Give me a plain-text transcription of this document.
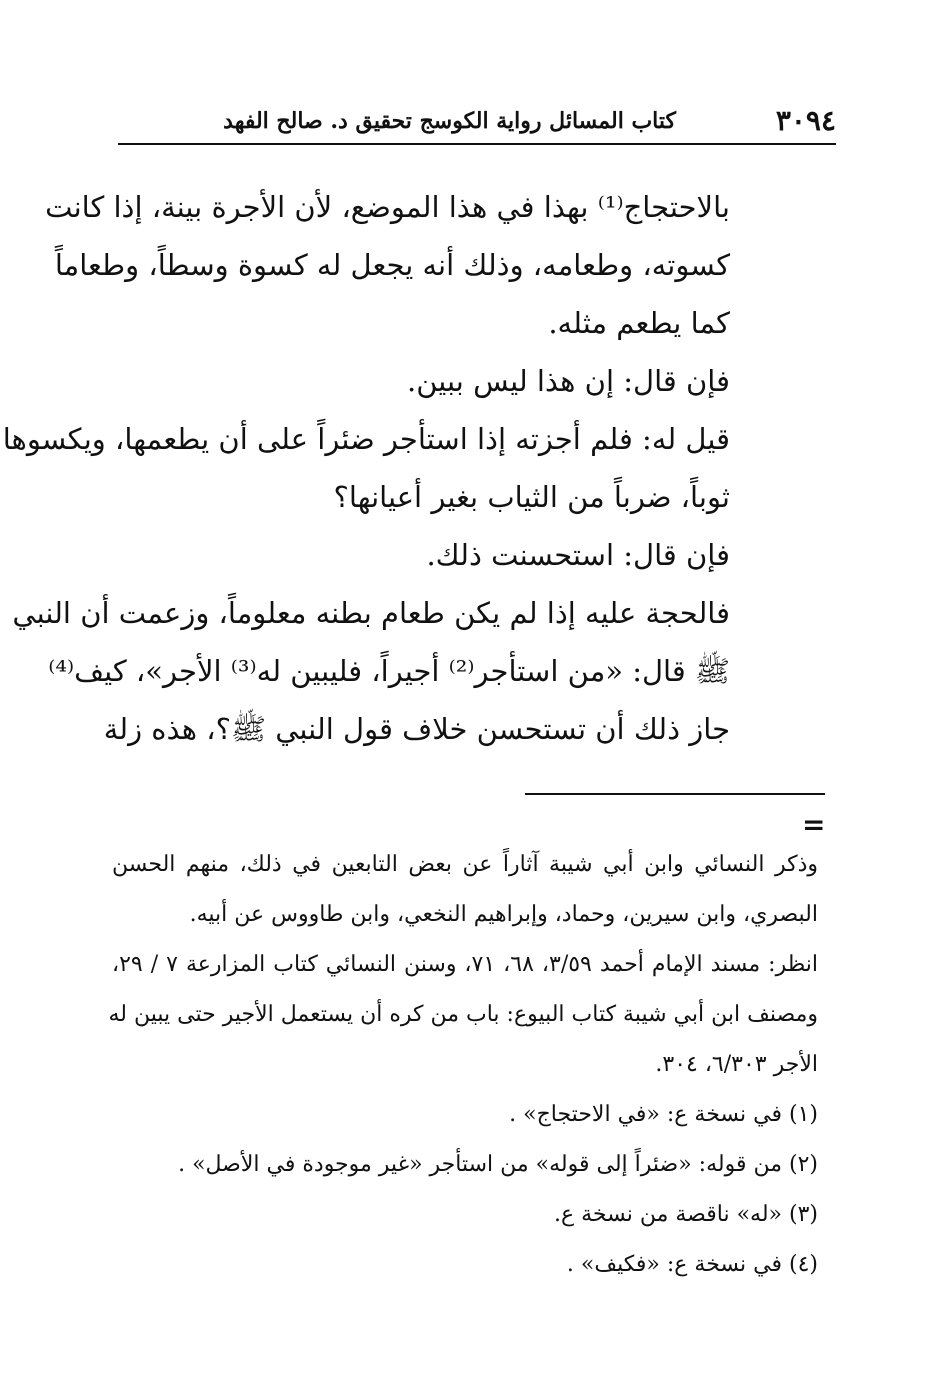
٣٠٩٤
كتاب المسائل رواية الكوسج تحقيق د. صالح الفهد
بالاحتجاج⁽¹⁾ بهذا في هذا الموضع، لأن الأجرة بينة، إذا كانت
كسوته، وطعامه، وذلك أنه يجعل له كسوة وسطاً، وطعاماً
كما يطعم مثله.
فإن قال: إن هذا ليس ببين.
قيل له: فلم أجزته إذا استأجر ضئراً على أن يطعمها، ويكسوها
ثوباً، ضرباً من الثياب بغير أعيانها؟
فإن قال: استحسنت ذلك.
فالحجة عليه إذا لم يكن طعام بطنه معلوماً، وزعمت أن النبي
ﷺ قال: «من استأجر⁽²⁾ أجيراً، فليبين له⁽³⁾ الأجر»، كيف⁽⁴⁾
جاز ذلك أن تستحسن خلاف قول النبي ﷺ؟، هذه زلة
=
وذكر النسائي وابن أبي شيبة آثاراً عن بعض التابعين في ذلك، منهم الحسن
البصري، وابن سيرين، وحماد، وإبراهيم النخعي، وابن طاووس عن أبيه.
انظر: مسند الإمام أحمد ٣/٥٩، ٦٨، ٧١، وسنن النسائي كتاب المزارعة ٧ / ٢٩،
ومصنف ابن أبي شيبة كتاب البيوع: باب من كره أن يستعمل الأجير حتى يبين له
الأجر ٦/٣٠٣، ٣٠٤.
(١) في نسخة ع: «في الاحتجاج» .
(٢) من قوله: «ضئراً إلى قوله» من استأجر «غير موجودة في الأصل» .
(٣) «له» ناقصة من نسخة ع.
(٤) في نسخة ع: «فكيف» .
